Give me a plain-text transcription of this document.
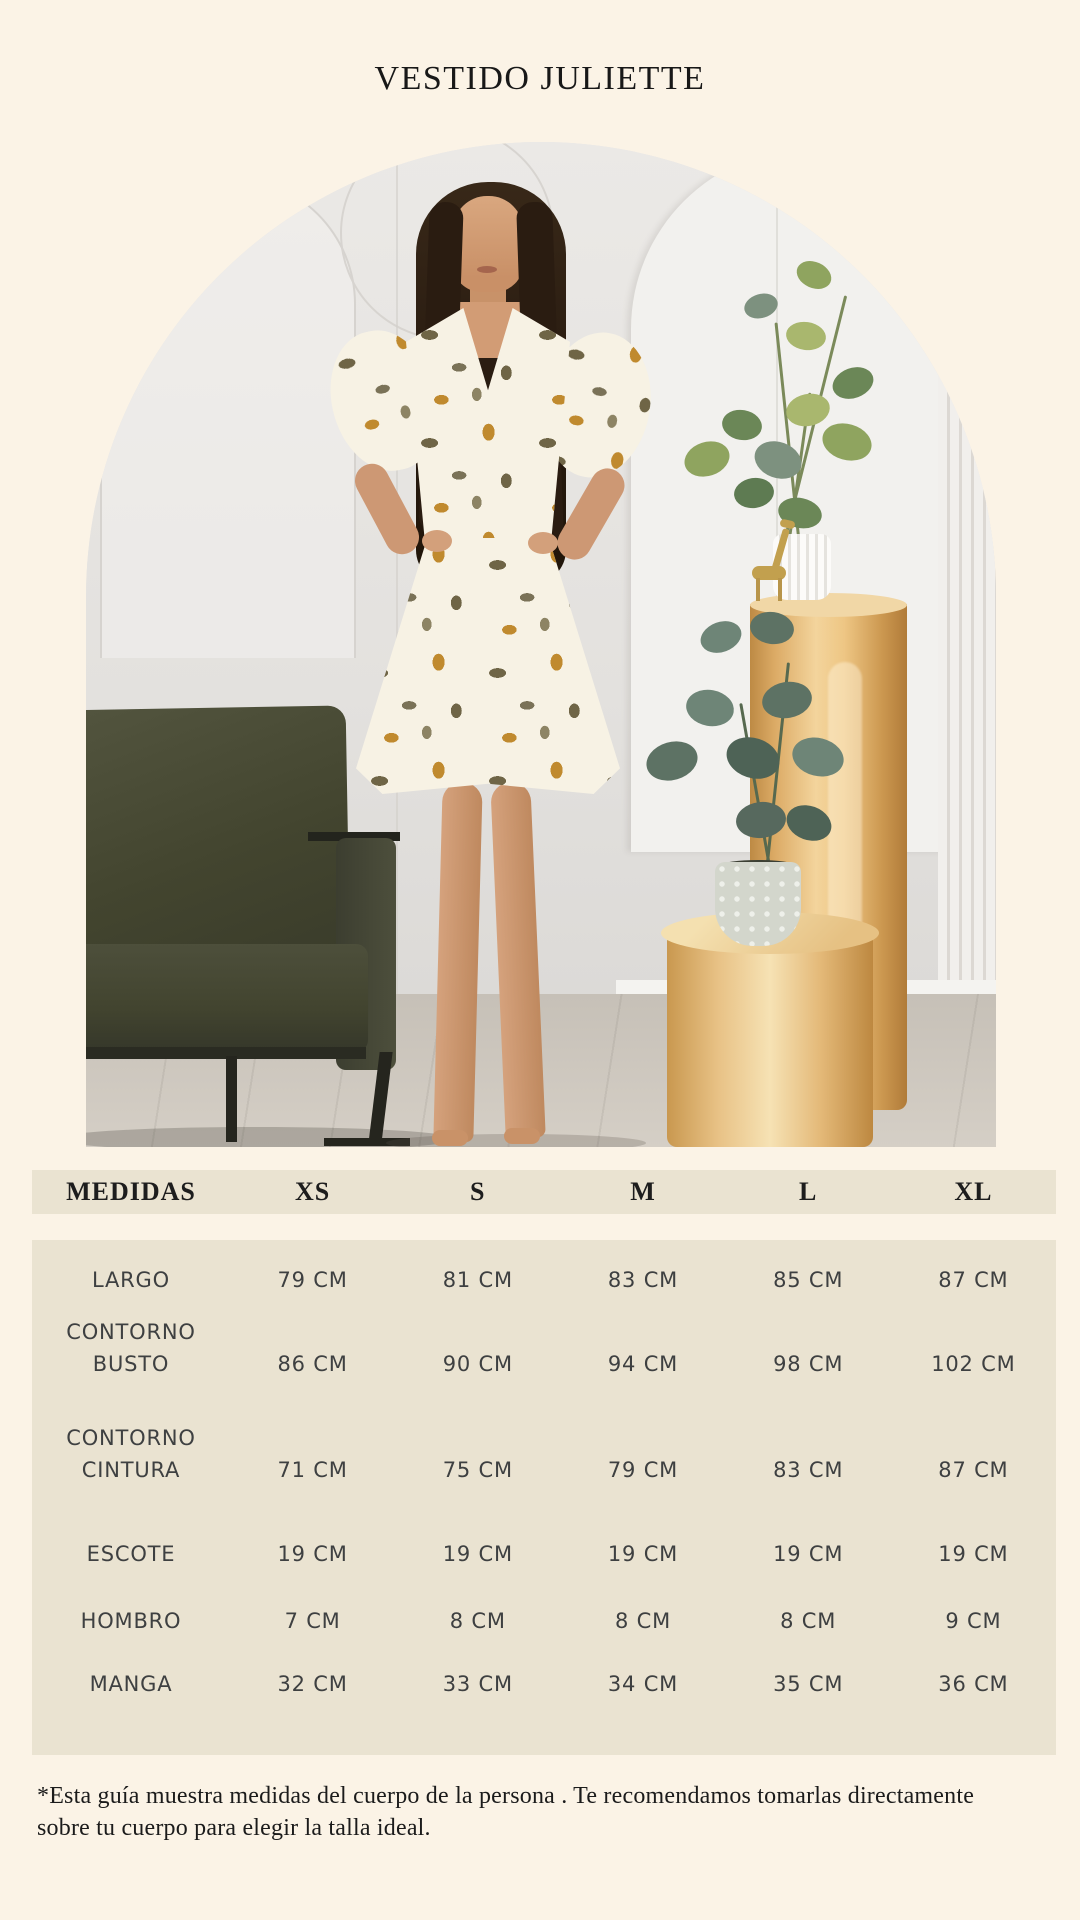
VESTIDO JULIETTE
MEDIDAS	XS	S	M	L	XL
LARGO	79 CM	81 CM	83 CM	85 CM	87 CM
CONTORNO BUSTO	86 CM	90 CM	94 CM	98 CM	102 CM
CONTORNO CINTURA	71 CM	75 CM	79 CM	83 CM	87 CM
ESCOTE	19 CM	19 CM	19 CM	19 CM	19 CM
HOMBRO	7 CM	8 CM	8 CM	8 CM	9 CM
MANGA	32 CM	33 CM	34 CM	35 CM	36 CM
*Esta guía muestra medidas del cuerpo de la persona . Te recomendamos tomarlas directamente
sobre tu cuerpo para elegir la talla ideal.
